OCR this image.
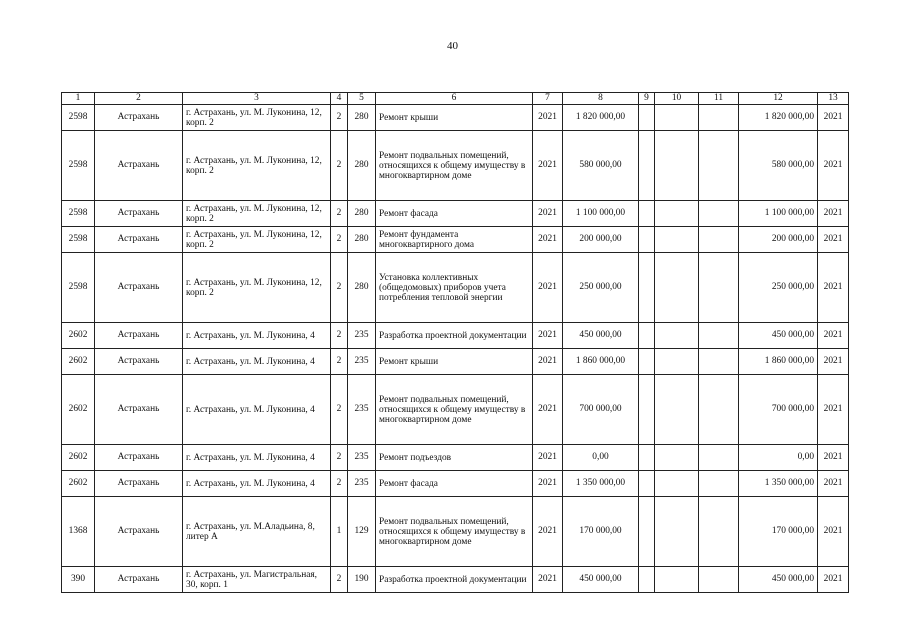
40
1	2	3	4	5	6	7	8	9	10	11	12	13
2598	Астрахань	г. Астрахань, ул. М. Луконина, 12, корп. 2	2	280	Ремонт крыши	2021	1 820 000,00				1 820 000,00	2021
2598	Астрахань	г. Астрахань, ул. М. Луконина, 12, корп. 2	2	280	Ремонт подвальных помещений, относящихся к общему имуществу в многоквартирном доме	2021	580 000,00				580 000,00	2021
2598	Астрахань	г. Астрахань, ул. М. Луконина, 12, корп. 2	2	280	Ремонт фасада	2021	1 100 000,00				1 100 000,00	2021
2598	Астрахань	г. Астрахань, ул. М. Луконина, 12, корп. 2	2	280	Ремонт фундамента многоквартирного дома	2021	200 000,00				200 000,00	2021
2598	Астрахань	г. Астрахань, ул. М. Луконина, 12, корп. 2	2	280	Установка коллективных (общедомовых) приборов учета потребления тепловой энергии	2021	250 000,00				250 000,00	2021
2602	Астрахань	г. Астрахань, ул. М. Луконина, 4	2	235	Разработка проектной документации	2021	450 000,00				450 000,00	2021
2602	Астрахань	г. Астрахань, ул. М. Луконина, 4	2	235	Ремонт крыши	2021	1 860 000,00				1 860 000,00	2021
2602	Астрахань	г. Астрахань, ул. М. Луконина, 4	2	235	Ремонт подвальных помещений, относящихся к общему имуществу в многоквартирном доме	2021	700 000,00				700 000,00	2021
2602	Астрахань	г. Астрахань, ул. М. Луконина, 4	2	235	Ремонт подъездов	2021	0,00				0,00	2021
2602	Астрахань	г. Астрахань, ул. М. Луконина, 4	2	235	Ремонт фасада	2021	1 350 000,00				1 350 000,00	2021
1368	Астрахань	г. Астрахань, ул. М.Аладьина, 8, литер А	1	129	Ремонт подвальных помещений, относящихся к общему имуществу в многоквартирном доме	2021	170 000,00				170 000,00	2021
390	Астрахань	г. Астрахань, ул. Магистральная, 30, корп. 1	2	190	Разработка проектной документации	2021	450 000,00				450 000,00	2021
